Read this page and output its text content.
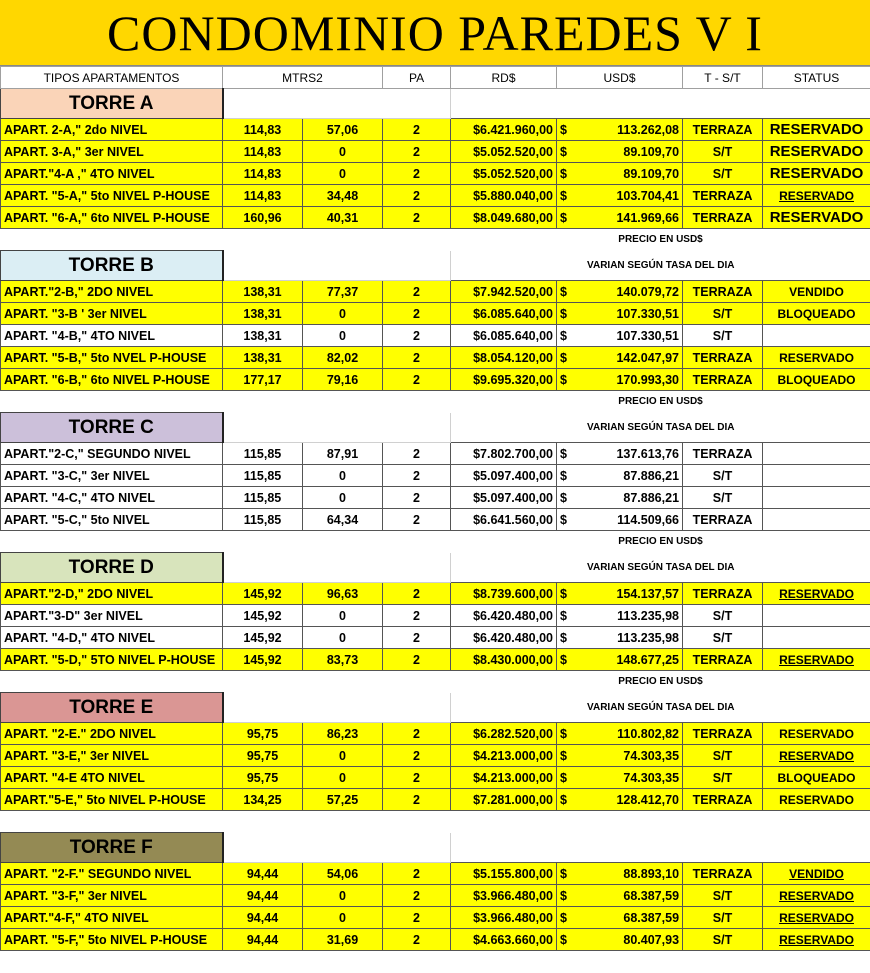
CONDOMINIO PAREDES V I
TIPOS APARTAMENTOS	MTRS2		PA	RD$	USD$	T - S/T	STATUS
TORRE A							
APART. 2-A," 2do NIVEL	114,83	57,06	2	$6.421.960,00	$ 113.262,08	TERRAZA	RESERVADO
APART. 3-A," 3er NIVEL	114,83	0	2	$5.052.520,00	$ 89.109,70	S/T	RESERVADO
APART."4-A ," 4TO NIVEL	114,83	0	2	$5.052.520,00	$ 89.109,70	S/T	RESERVADO
APART. "5-A," 5to NIVEL P-HOUSE	114,83	34,48	2	$5.880.040,00	$ 103.704,41	TERRAZA	RESERVADO
APART. "6-A," 6to NIVEL P-HOUSE	160,96	40,31	2	$8.049.680,00	$ 141.969,66	TERRAZA	RESERVADO
				PRECIO EN USD$			
TORRE B				VARIAN SEGÚN TASA DEL DIA			
APART."2-B," 2DO NIVEL	138,31	77,37	2	$7.942.520,00	$ 140.079,72	TERRAZA	VENDIDO
APART. "3-B ' 3er NIVEL	138,31	0	2	$6.085.640,00	$ 107.330,51	S/T	BLOQUEADO
APART. "4-B," 4TO NIVEL	138,31	0	2	$6.085.640,00	$ 107.330,51	S/T	
APART. "5-B," 5to NVEL P-HOUSE	138,31	82,02	2	$8.054.120,00	$ 142.047,97	TERRAZA	RESERVADO
APART. "6-B," 6to NIVEL P-HOUSE	177,17	79,16	2	$9.695.320,00	$ 170.993,30	TERRAZA	BLOQUEADO
				PRECIO EN USD$			
TORRE C				VARIAN SEGÚN TASA DEL DIA			
APART."2-C," SEGUNDO NIVEL	115,85	87,91	2	$7.802.700,00	$ 137.613,76	TERRAZA	
APART. "3-C," 3er NIVEL	115,85	0	2	$5.097.400,00	$ 87.886,21	S/T	
APART. "4-C," 4TO NIVEL	115,85	0	2	$5.097.400,00	$ 87.886,21	S/T	
APART. "5-C," 5to NIVEL	115,85	64,34	2	$6.641.560,00	$ 114.509,66	TERRAZA	
				PRECIO EN USD$			
TORRE D				VARIAN SEGÚN TASA DEL DIA			
APART."2-D," 2DO NIVEL	145,92	96,63	2	$8.739.600,00	$ 154.137,57	TERRAZA	RESERVADO
APART."3-D" 3er NIVEL	145,92	0	2	$6.420.480,00	$ 113.235,98	S/T	
APART. "4-D," 4TO NIVEL	145,92	0	2	$6.420.480,00	$ 113.235,98	S/T	
APART. "5-D," 5TO NIVEL P-HOUSE	145,92	83,73	2	$8.430.000,00	$ 148.677,25	TERRAZA	RESERVADO
				PRECIO EN USD$			
TORRE E				VARIAN SEGÚN TASA DEL DIA			
APART. "2-E." 2DO NIVEL	95,75	86,23	2	$6.282.520,00	$ 110.802,82	TERRAZA	RESERVADO
APART. "3-E," 3er NIVEL	95,75	0	2	$4.213.000,00	$ 74.303,35	S/T	RESERVADO
APART. "4-E 4TO NIVEL	95,75	0	2	$4.213.000,00	$ 74.303,35	S/T	BLOQUEADO
APART."5-E," 5to NIVEL P-HOUSE	134,25	57,25	2	$7.281.000,00	$ 128.412,70	TERRAZA	RESERVADO

TORRE F							
APART. "2-F." SEGUNDO NIVEL	94,44	54,06	2	$5.155.800,00	$ 88.893,10	TERRAZA	VENDIDO
APART. "3-F," 3er NIVEL	94,44	0	2	$3.966.480,00	$ 68.387,59	S/T	RESERVADO
APART."4-F," 4TO NIVEL	94,44	0	2	$3.966.480,00	$ 68.387,59	S/T	RESERVADO
APART. "5-F," 5to NIVEL P-HOUSE	94,44	31,69	2	$4.663.660,00	$ 80.407,93	S/T	RESERVADO
